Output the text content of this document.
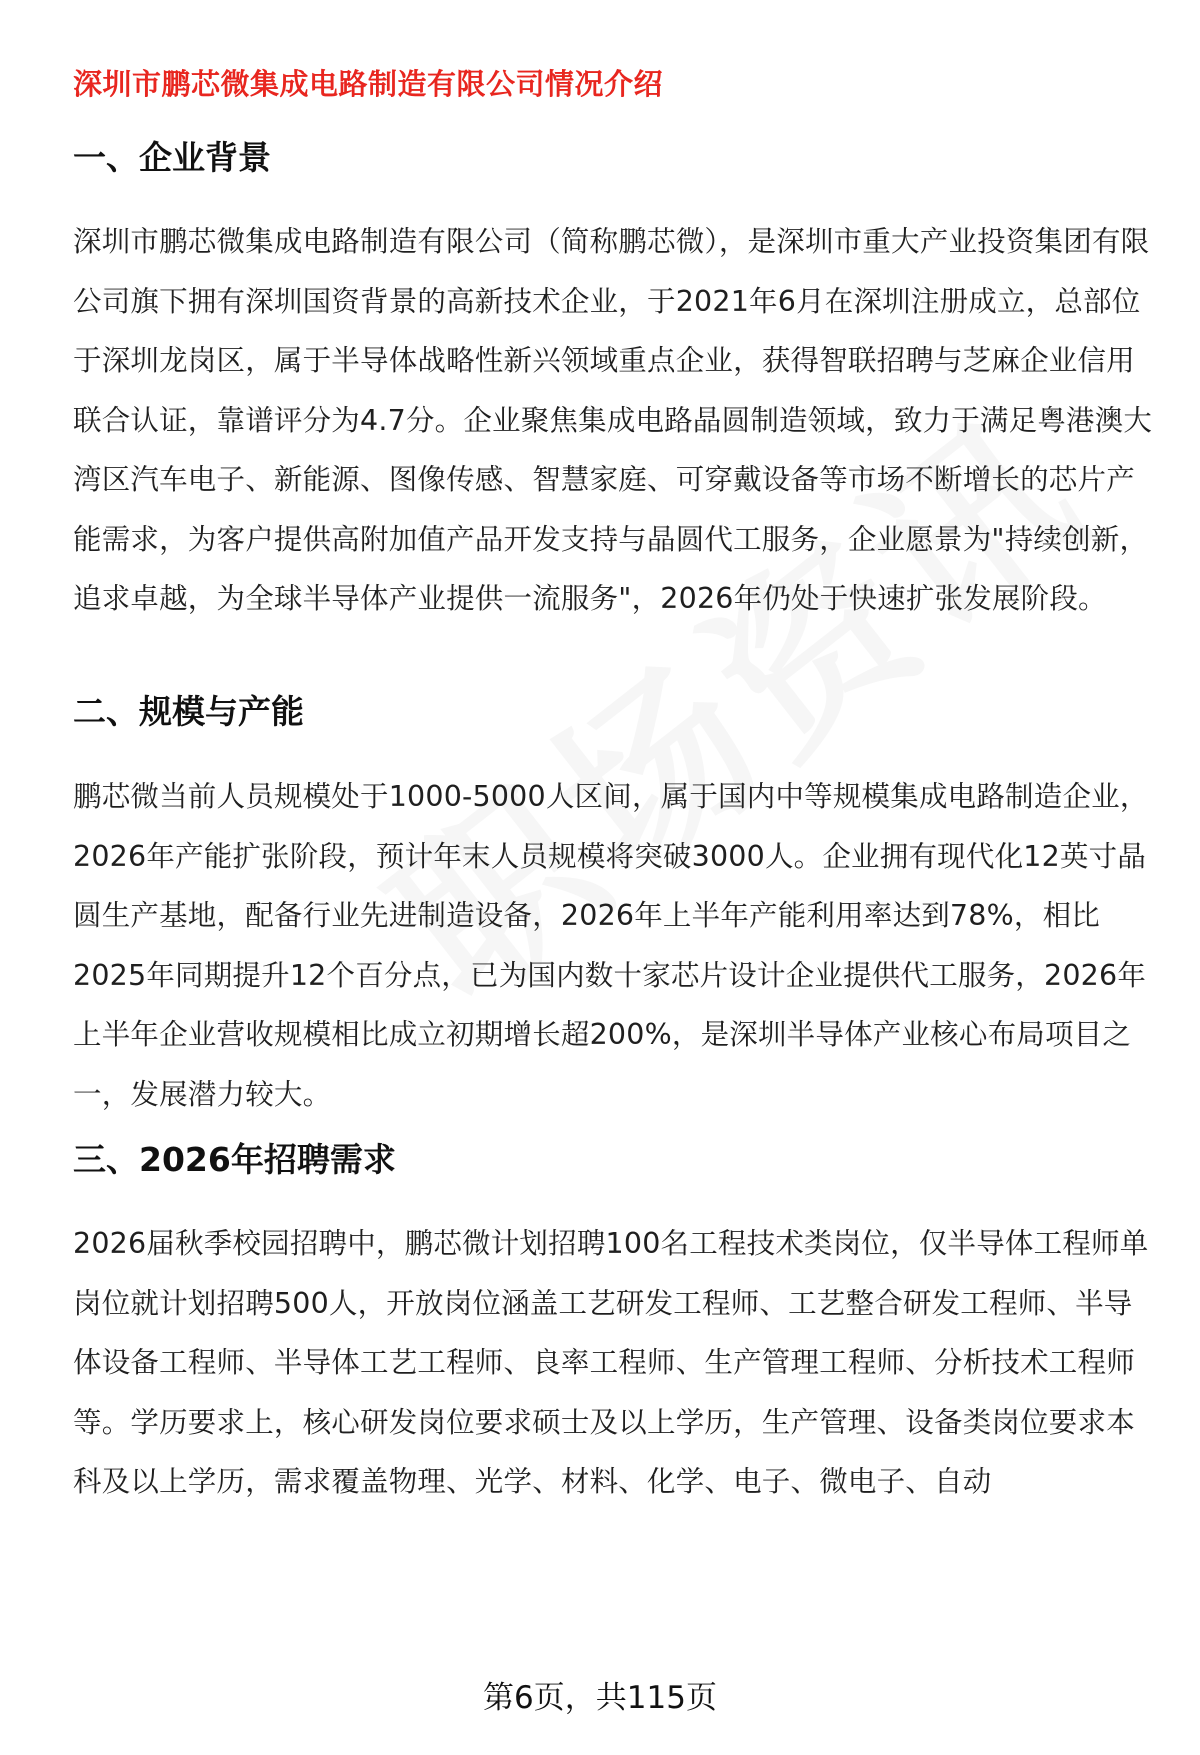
深圳市鹏芯微集成电路制造有限公司情况介绍
一、企业背景
深圳市鹏芯微集成电路制造有限公司（简称鹏芯微），是深圳市重大产业投资集团有限公司旗下拥有深圳国资背景的高新技术企业，于2021年6月在深圳注册成立，总部位于深圳龙岗区，属于半导体战略性新兴领域重点企业，获得智联招聘与芝麻企业信用联合认证，靠谱评分为4.7分。企业聚焦集成电路晶圆制造领域，致力于满足粤港澳大湾区汽车电子、新能源、图像传感、智慧家庭、可穿戴设备等市场不断增长的芯片产能需求，为客户提供高附加值产品开发支持与晶圆代工服务，企业愿景为"持续创新，追求卓越，为全球半导体产业提供一流服务"，2026年仍处于快速扩张发展阶段。
二、规模与产能
鹏芯微当前人员规模处于1000-5000人区间，属于国内中等规模集成电路制造企业，2026年产能扩张阶段，预计年末人员规模将突破3000人。企业拥有现代化12英寸晶圆生产基地，配备行业先进制造设备，2026年上半年产能利用率达到78%，相比2025年同期提升12个百分点，已为国内数十家芯片设计企业提供代工服务，2026年上半年企业营收规模相比成立初期增长超200%，是深圳半导体产业核心布局项目之一，发展潜力较大。
三、2026年招聘需求
2026届秋季校园招聘中，鹏芯微计划招聘100名工程技术类岗位，仅半导体工程师单岗位就计划招聘500人，开放岗位涵盖工艺研发工程师、工艺整合研发工程师、半导体设备工程师、半导体工艺工程师、良率工程师、生产管理工程师、分析技术工程师等。学历要求上，核心研发岗位要求硕士及以上学历，生产管理、设备类岗位要求本科及以上学历，需求覆盖物理、光学、材料、化学、电子、微电子、自动
第6页，共115页
